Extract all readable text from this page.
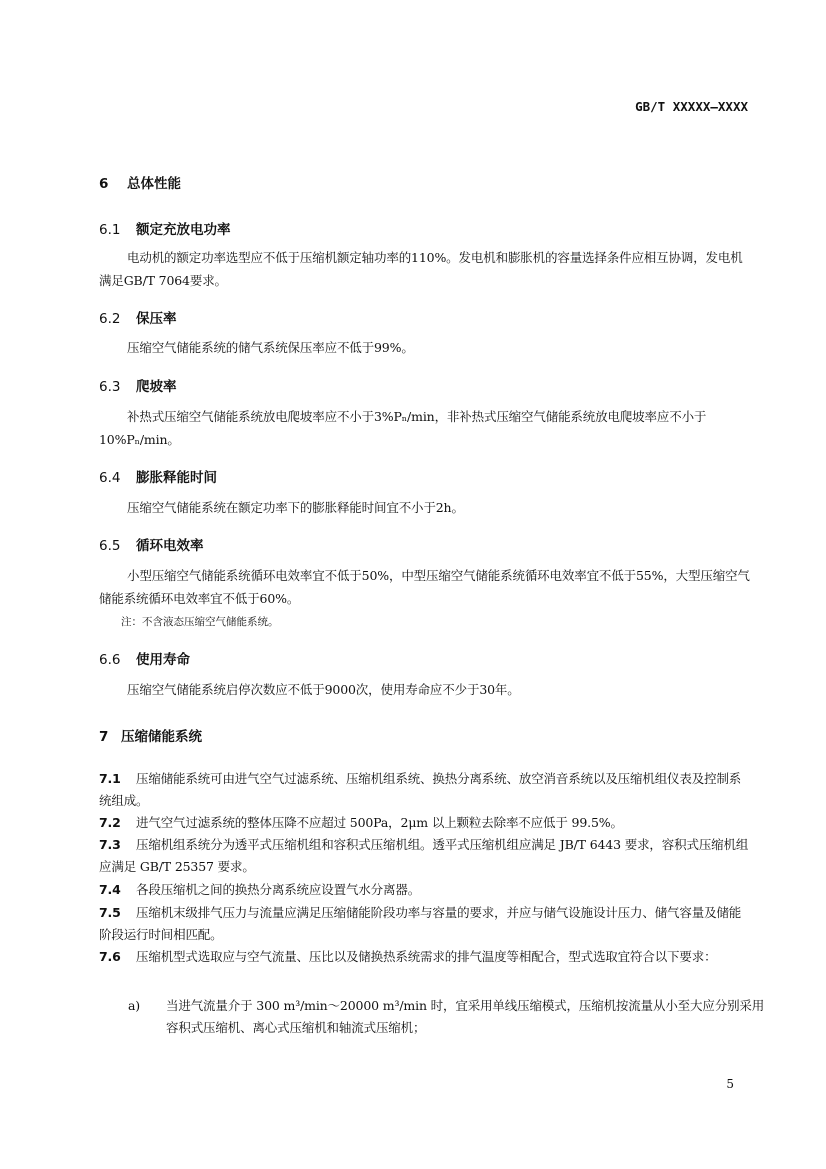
GB/T XXXXX—XXXX
6 总体性能
6.1 额定充放电功率
电动机的额定功率选型应不低于压缩机额定轴功率的110%。发电机和膨胀机的容量选择条件应相互协调，发电机满足GB/T 7064要求。
6.2 保压率
压缩空气储能系统的储气系统保压率应不低于99%。
6.3 爬坡率
补热式压缩空气储能系统放电爬坡率应不小于3%Pₙ/min，非补热式压缩空气储能系统放电爬坡率应不小于10%Pₙ/min。
6.4 膨胀释能时间
压缩空气储能系统在额定功率下的膨胀释能时间宜不小于2h。
6.5 循环电效率
小型压缩空气储能系统循环电效率宜不低于50%，中型压缩空气储能系统循环电效率宜不低于55%，大型压缩空气储能系统循环电效率宜不低于60%。
注：不含液态压缩空气储能系统。
6.6 使用寿命
压缩空气储能系统启停次数应不低于9000次，使用寿命应不少于30年。
7 压缩储能系统
7.1 压缩储能系统可由进气空气过滤系统、压缩机组系统、换热分离系统、放空消音系统以及压缩机组仪表及控制系统组成。
7.2 进气空气过滤系统的整体压降不应超过 500Pa，2μm 以上颗粒去除率不应低于 99.5%。
7.3 压缩机组系统分为透平式压缩机组和容积式压缩机组。透平式压缩机组应满足 JB/T 6443 要求，容积式压缩机组应满足 GB/T 25357 要求。
7.4 各段压缩机之间的换热分离系统应设置气水分离器。
7.5 压缩机末级排气压力与流量应满足压缩储能阶段功率与容量的要求，并应与储气设施设计压力、储气容量及储能阶段运行时间相匹配。
7.6 压缩机型式选取应与空气流量、压比以及储换热系统需求的排气温度等相配合，型式选取宜符合以下要求：
a)	当进气流量介于 300 m³/min～20000 m³/min 时，宜采用单线压缩模式，压缩机按流量从小至大应分别采用容积式压缩机、离心式压缩机和轴流式压缩机；
5
